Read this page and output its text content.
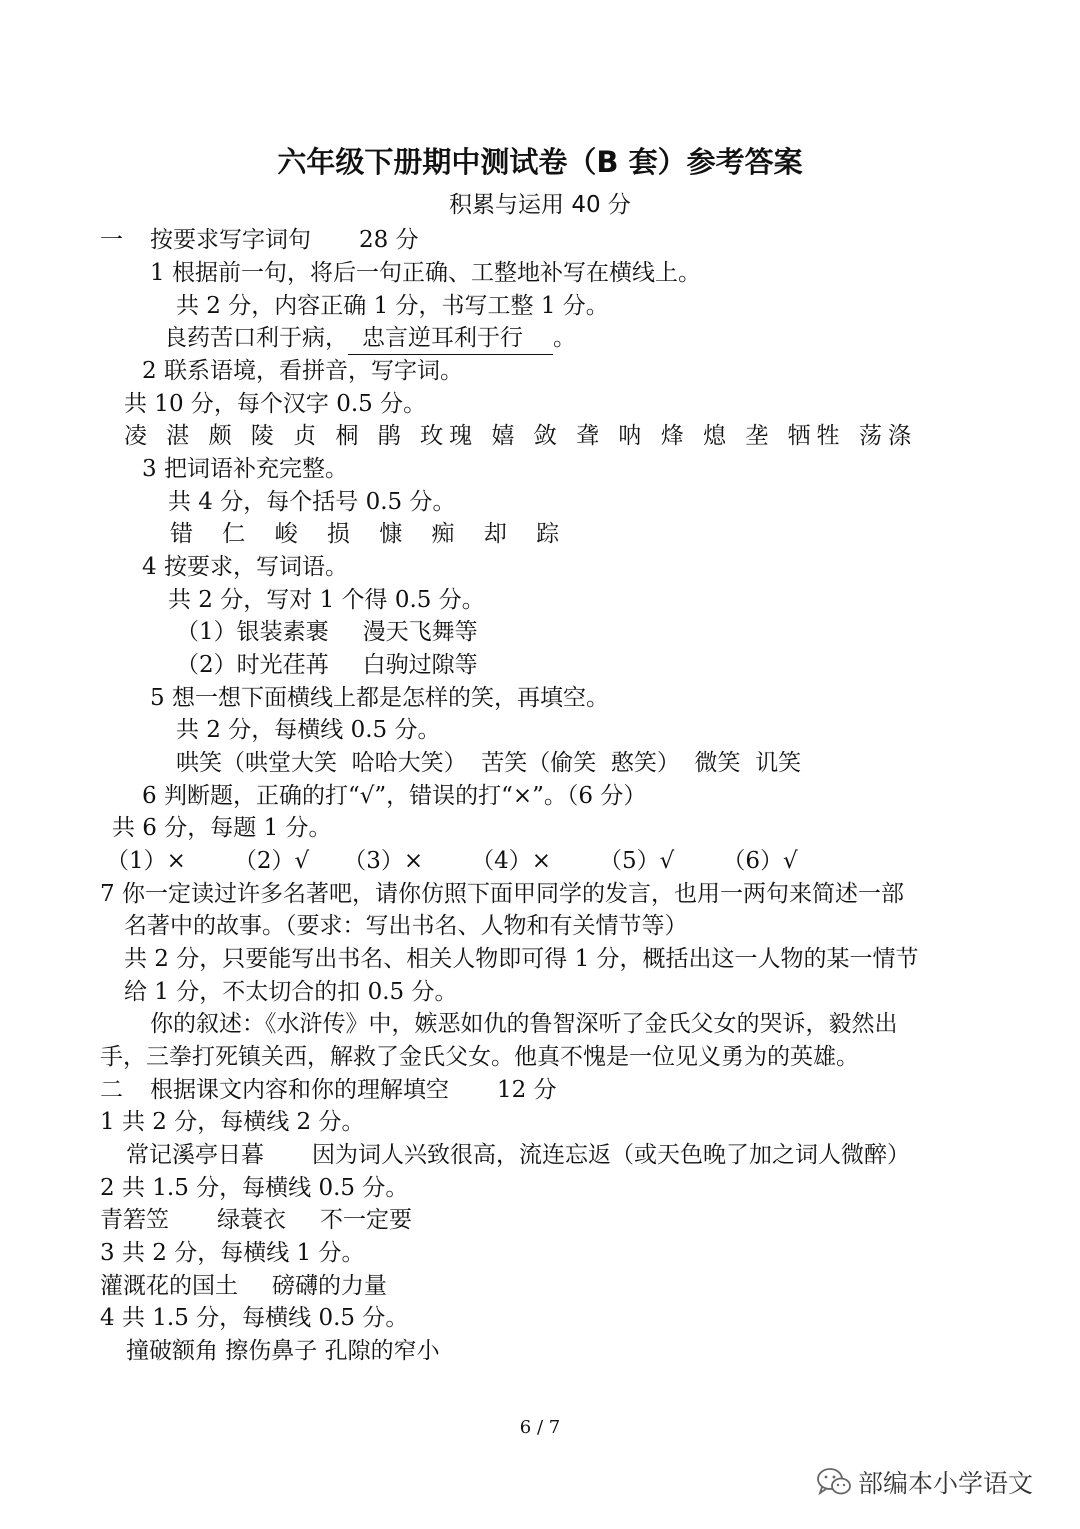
六年级下册期中测试卷（B 套）参考答案
积累与运用 40 分
一 按要求写字词句 28 分
1 根据前一句，将后一句正确、工整地补写在横线上。
共 2 分，内容正确 1 分，书写工整 1 分。
良药苦口利于病， 忠言逆耳利于行 。
2 联系语境，看拼音，写字词。
共 10 分，每个汉字 0.5 分。
凌 湛 颇 陵 贞 桐 鹃 玫瑰 嬉 敛 聋 呐 烽 熄 垄 牺牲 荡涤
3 把词语补充完整。
共 4 分，每个括号 0.5 分。
错 仁 峻 损 慷 痴 却 踪
4 按要求，写词语。
共 2 分，写对 1 个得 0.5 分。
（1）银装素裹 漫天飞舞等
（2）时光荏苒 白驹过隙等
5 想一想下面横线上都是怎样的笑，再填空。
共 2 分，每横线 0.5 分。
哄笑（哄堂大笑  哈哈大笑）  苦笑（偷笑  憨笑）  微笑  讥笑
6 判断题，正确的打“√”，错误的打“×”。（6 分）
共 6 分，每题 1 分。
（1）× （2）√ （3）× （4）× （5）√ （6）√
7 你一定读过许多名著吧，请你仿照下面甲同学的发言，也用一两句来简述一部
名著中的故事。（要求：写出书名、人物和有关情节等）
共 2 分，只要能写出书名、相关人物即可得 1 分，概括出这一人物的某一情节
给 1 分，不太切合的扣 0.5 分。
你的叙述：《水浒传》中，嫉恶如仇的鲁智深听了金氏父女的哭诉，毅然出
手，三拳打死镇关西，解救了金氏父女。他真不愧是一位见义勇为的英雄。
二 根据课文内容和你的理解填空 12 分
1 共 2 分，每横线 2 分。
常记溪亭日暮 因为词人兴致很高，流连忘返（或天色晚了加之词人微醉）
2 共 1.5 分，每横线 0.5 分。
青箬笠 绿蓑衣 不一定要
3 共 2 分，每横线 1 分。
灌溉花的国土 磅礴的力量
4 共 1.5 分，每横线 0.5 分。
撞破额角 擦伤鼻子 孔隙的窄小
6 / 7
部编本小学语文
